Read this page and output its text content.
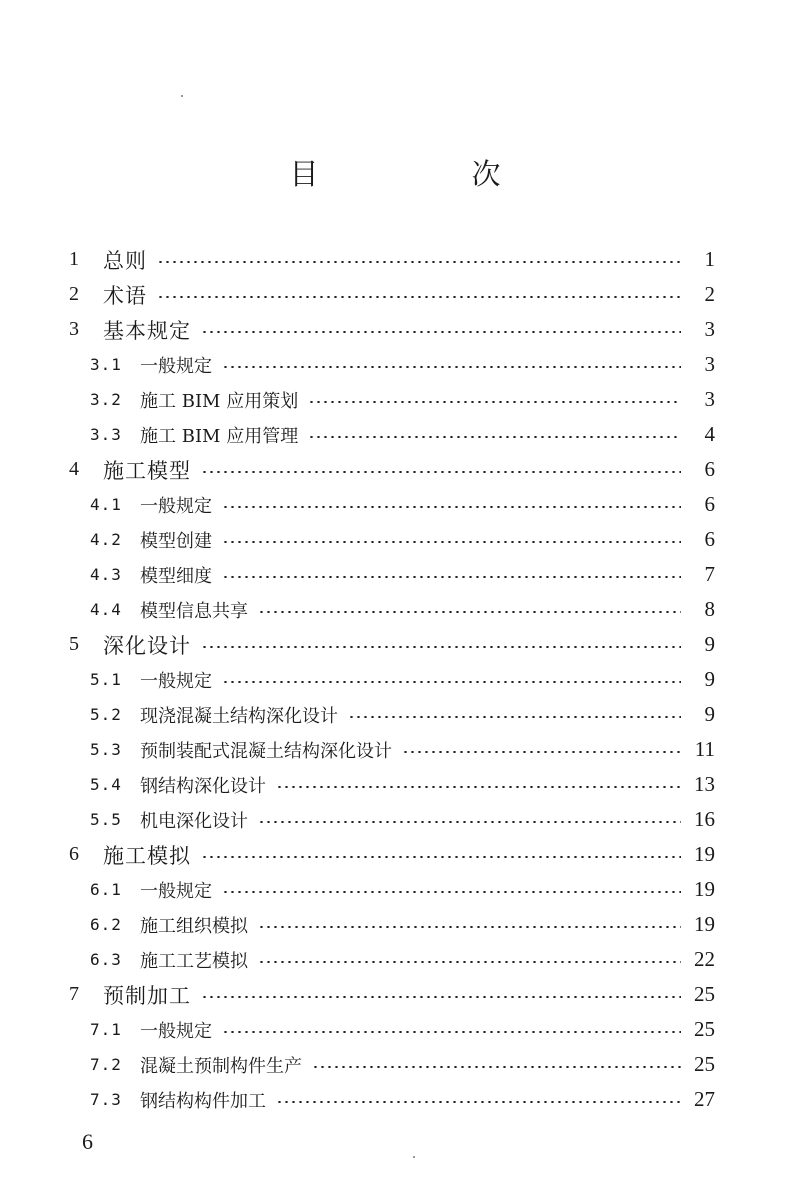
目　次
1	总则	1
2	术语	2
3	基本规定	3
3.1	一般规定	3
3.2	施工 BIM 应用策划	3
3.3	施工 BIM 应用管理	4
4	施工模型	6
4.1	一般规定	6
4.2	模型创建	6
4.3	模型细度	7
4.4	模型信息共享	8
5	深化设计	9
5.1	一般规定	9
5.2	现浇混凝土结构深化设计	9
5.3	预制装配式混凝土结构深化设计	11
5.4	钢结构深化设计	13
5.5	机电深化设计	16
6	施工模拟	19
6.1	一般规定	19
6.2	施工组织模拟	19
6.3	施工工艺模拟	22
7	预制加工	25
7.1	一般规定	25
7.2	混凝土预制构件生产	25
7.3	钢结构构件加工	27
6
